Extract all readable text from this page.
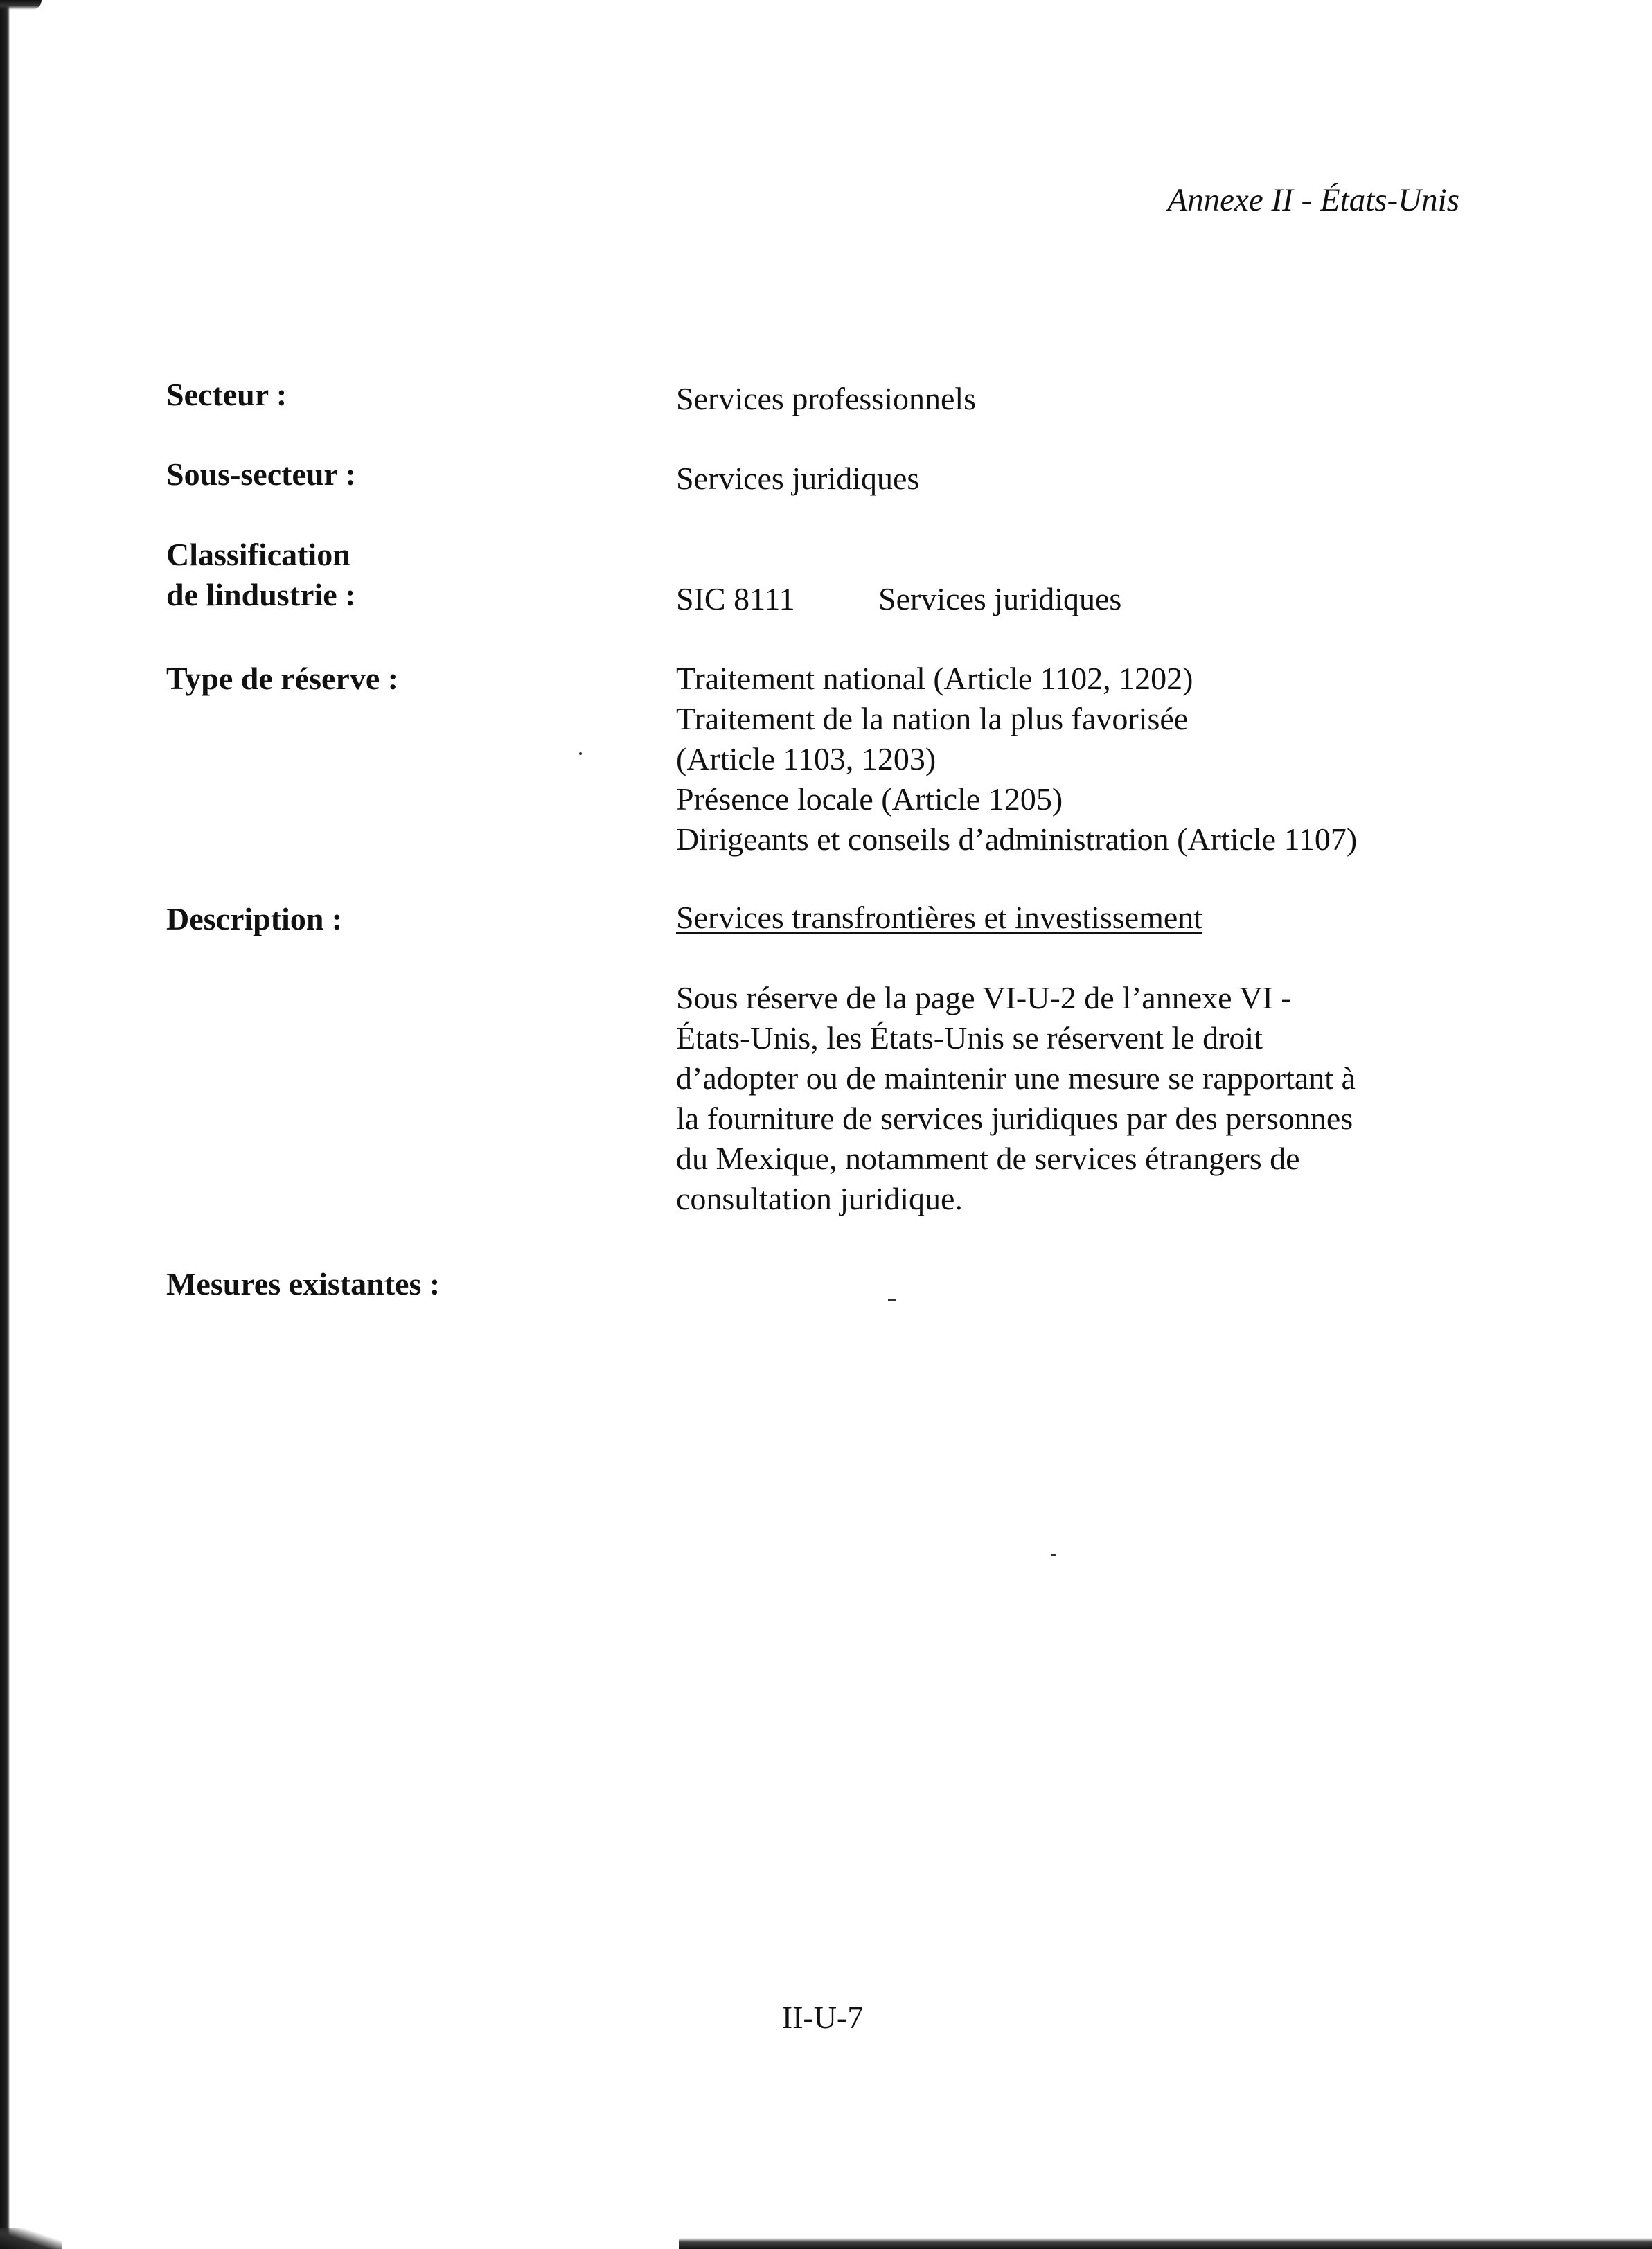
Annexe II - États-Unis
Secteur :	Services professionnels
Sous-secteur :	Services juridiques
Classification
de lindustrie :	SIC 8111	Services juridiques
Type de réserve :	Traitement national (Article 1102, 1202)
Traitement de la nation la plus favorisée
(Article 1103, 1203)
Présence locale (Article 1205)
Dirigeants et conseils d’administration (Article 1107)
Description :	Services transfrontières et investissement
Sous réserve de la page VI-U-2 de l’annexe VI -
États-Unis, les États-Unis se réservent le droit
d’adopter ou de maintenir une mesure se rapportant à
la fourniture de services juridiques par des personnes
du Mexique, notamment de services étrangers de
consultation juridique.
Mesures existantes :
II-U-7
